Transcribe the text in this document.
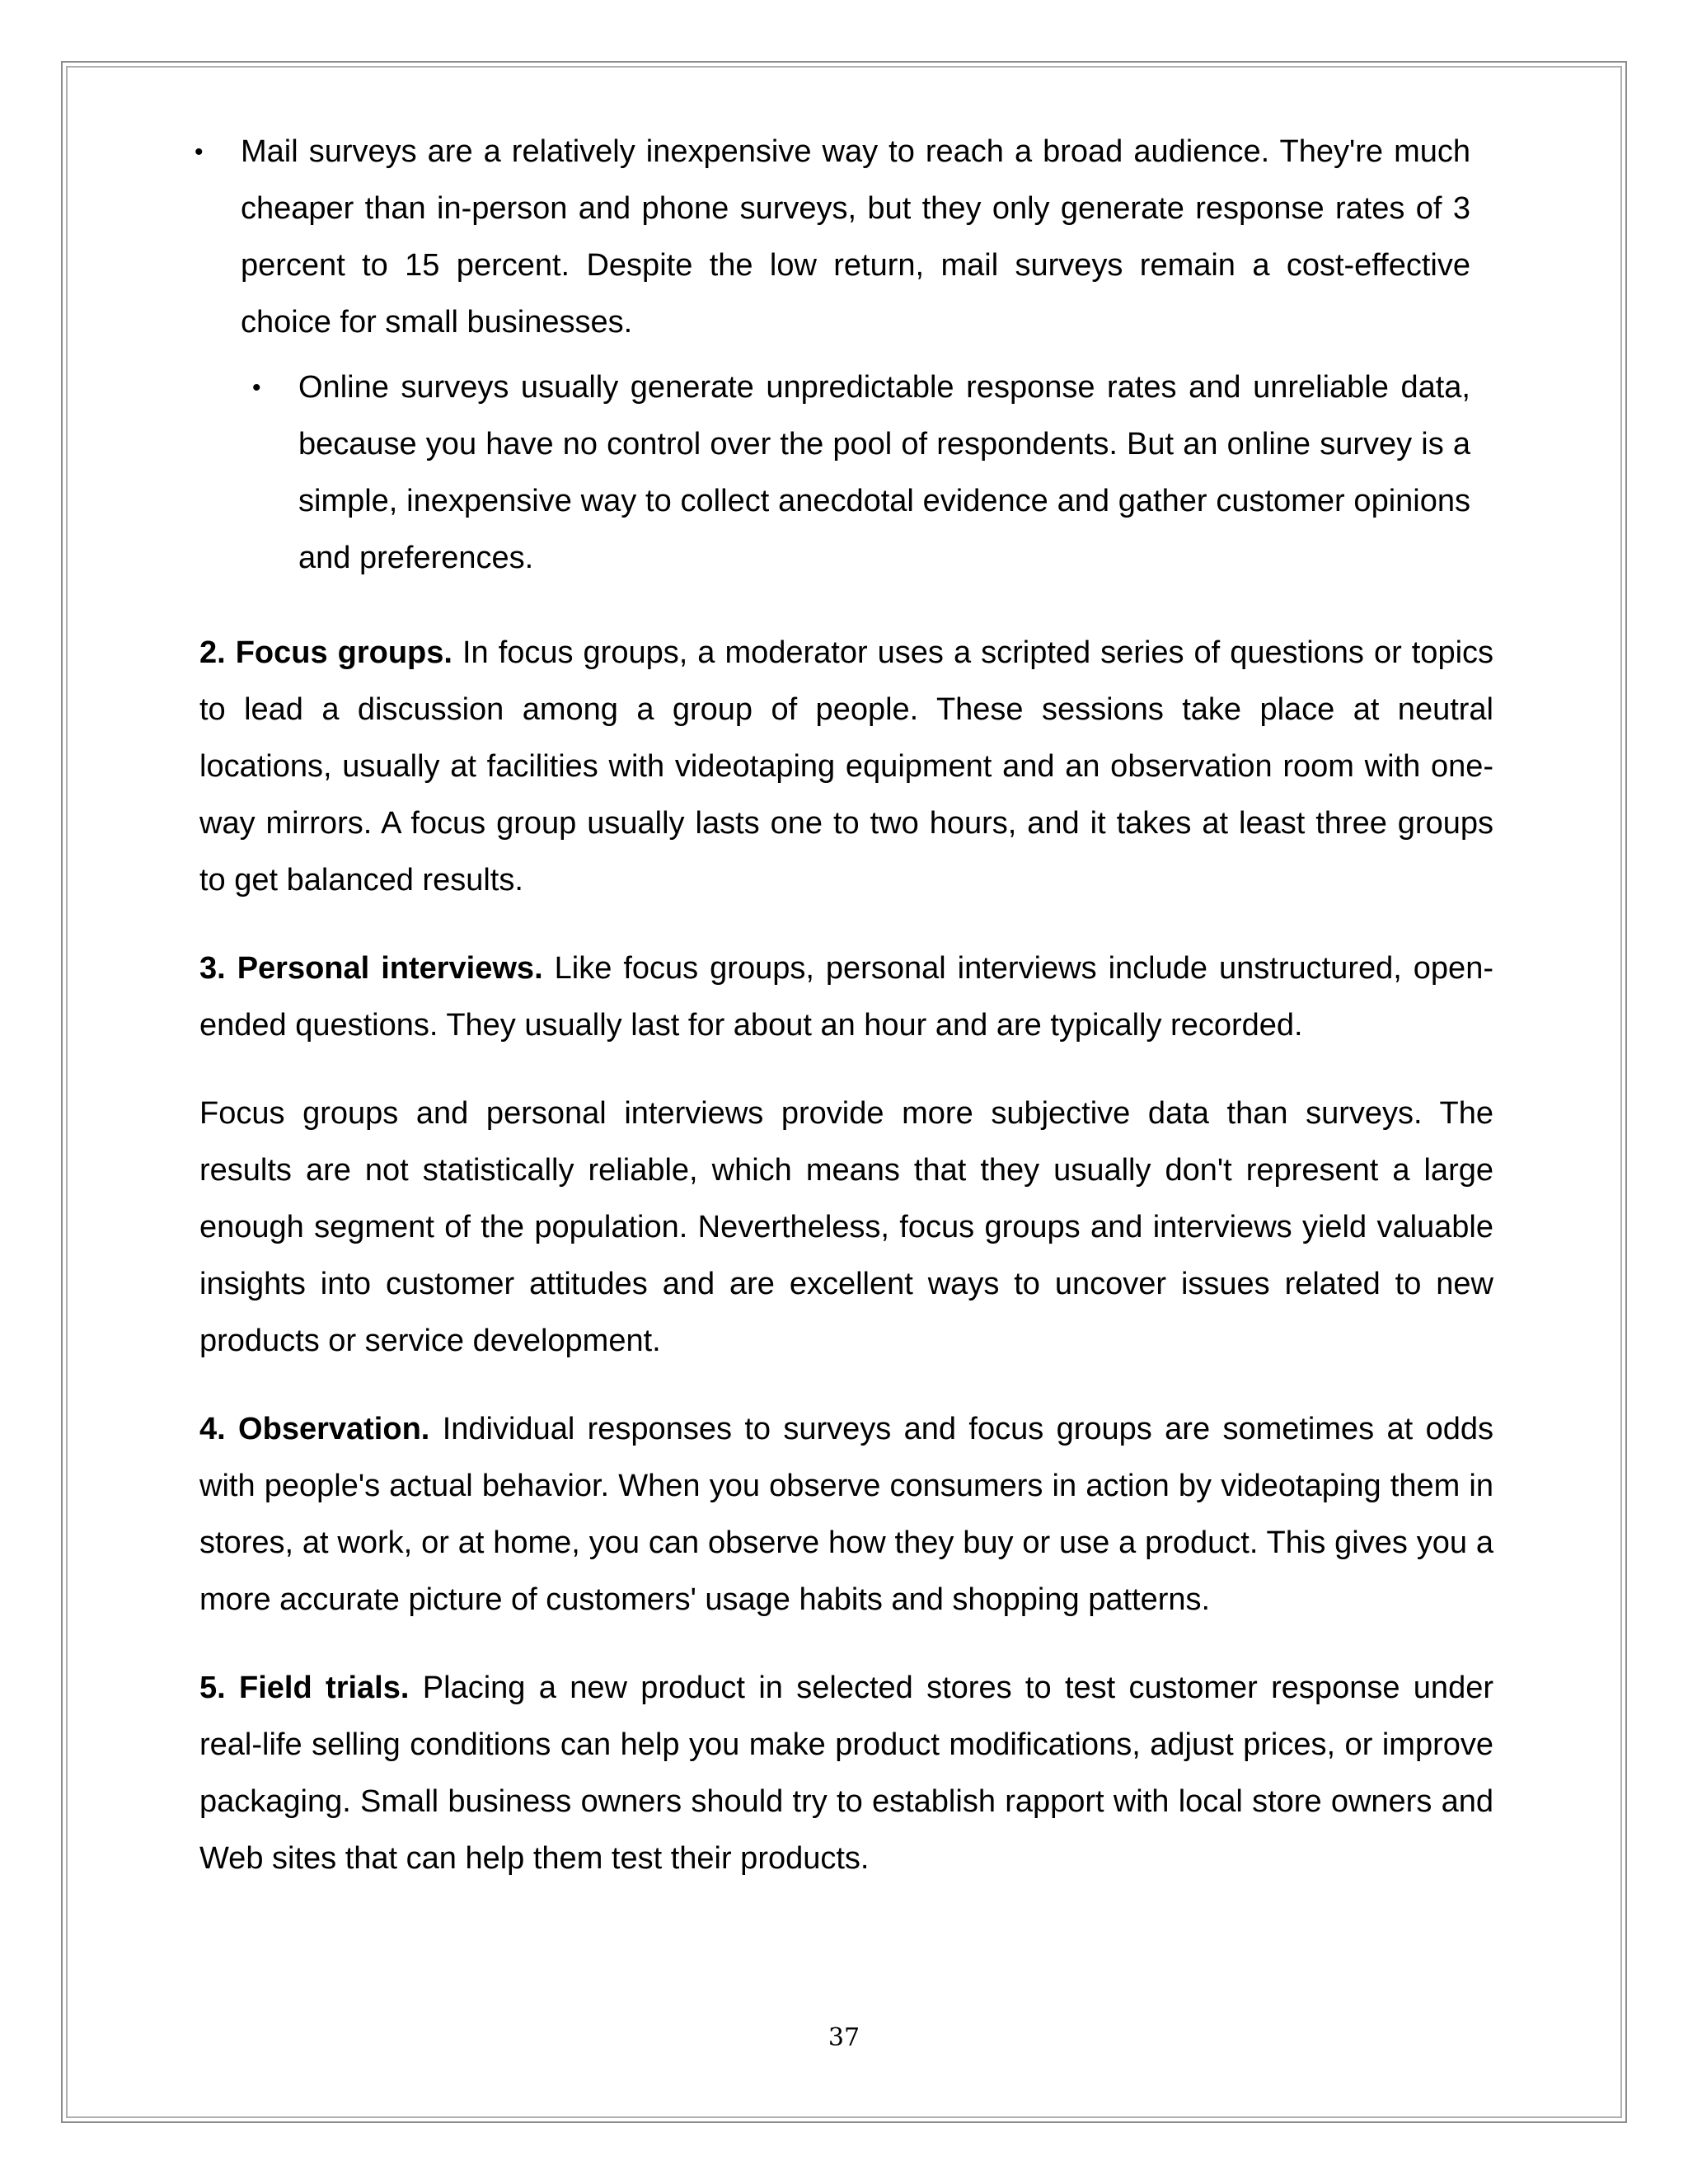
• Mail surveys are a relatively inexpensive way to reach a broad audience. They're much cheaper than in-person and phone surveys, but they only generate response rates of 3 percent to 15 percent. Despite the low return, mail surveys remain a cost-effective choice for small businesses.
• Online surveys usually generate unpredictable response rates and unreliable data, because you have no control over the pool of respondents. But an online survey is a simple, inexpensive way to collect anecdotal evidence and gather customer opinions and preferences.

2. Focus groups. In focus groups, a moderator uses a scripted series of questions or topics to lead a discussion among a group of people. These sessions take place at neutral locations, usually at facilities with videotaping equipment and an observation room with one-way mirrors. A focus group usually lasts one to two hours, and it takes at least three groups to get balanced results.

3. Personal interviews. Like focus groups, personal interviews include unstructured, open-ended questions. They usually last for about an hour and are typically recorded.

Focus groups and personal interviews provide more subjective data than surveys. The results are not statistically reliable, which means that they usually don't represent a large enough segment of the population. Nevertheless, focus groups and interviews yield valuable insights into customer attitudes and are excellent ways to uncover issues related to new products or service development.

4. Observation. Individual responses to surveys and focus groups are sometimes at odds with people's actual behavior. When you observe consumers in action by videotaping them in stores, at work, or at home, you can observe how they buy or use a product. This gives you a more accurate picture of customers' usage habits and shopping patterns.

5. Field trials. Placing a new product in selected stores to test customer response under real-life selling conditions can help you make product modifications, adjust prices, or improve packaging. Small business owners should try to establish rapport with local store owners and Web sites that can help them test their products.

37
